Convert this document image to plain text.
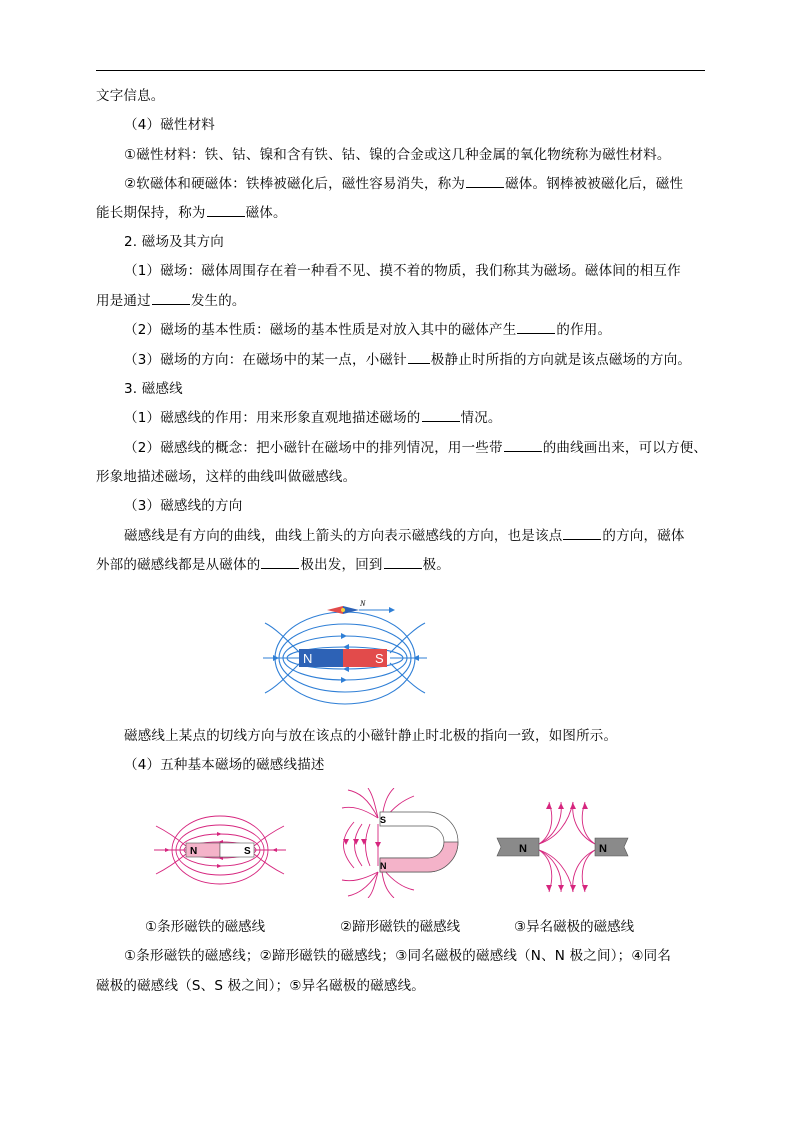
文字信息。
（4）磁性材料
①磁性材料：铁、钴、镍和含有铁、钴、镍的合金或这几种金属的氧化物统称为磁性材料。
②软磁体和硬磁体：铁棒被磁化后，磁性容易消失，称为	磁体。钢棒被被磁化后，磁性
能长期保持，称为	磁体。
2. 磁场及其方向
（1）磁场：磁体周围存在着一种看不见、摸不着的物质，我们称其为磁场。磁体间的相互作
用是通过	发生的。
（2）磁场的基本性质：磁场的基本性质是对放入其中的磁体产生	的作用。
（3）磁场的方向：在磁场中的某一点，小磁针 极静止时所指的方向就是该点磁场的方向。
3. 磁感线
（1）磁感线的作用：用来形象直观地描述磁场的	情况。
（2）磁感线的概念：把小磁针在磁场中的排列情况，用一些带	的曲线画出来，可以方便、
形象地描述磁场，这样的曲线叫做磁感线。
（3）磁感线的方向
磁感线是有方向的曲线，曲线上箭头的方向表示磁感线的方向，也是该点	的方向，磁体
外部的磁感线都是从磁体的	极出发，回到	极。
N	S
N
磁感线上某点的切线方向与放在该点的小磁针静止时北极的指向一致，如图所示。
（4）五种基本磁场的磁感线描述
N	S
S
N
N	N
①条形磁铁的磁感线	②蹄形磁铁的磁感线	③异名磁极的磁感线
①条形磁铁的磁感线；②蹄形磁铁的磁感线；③同名磁极的磁感线（N、N 极之间）；④同名
磁极的磁感线（S、S 极之间）；⑤异名磁极的磁感线。
